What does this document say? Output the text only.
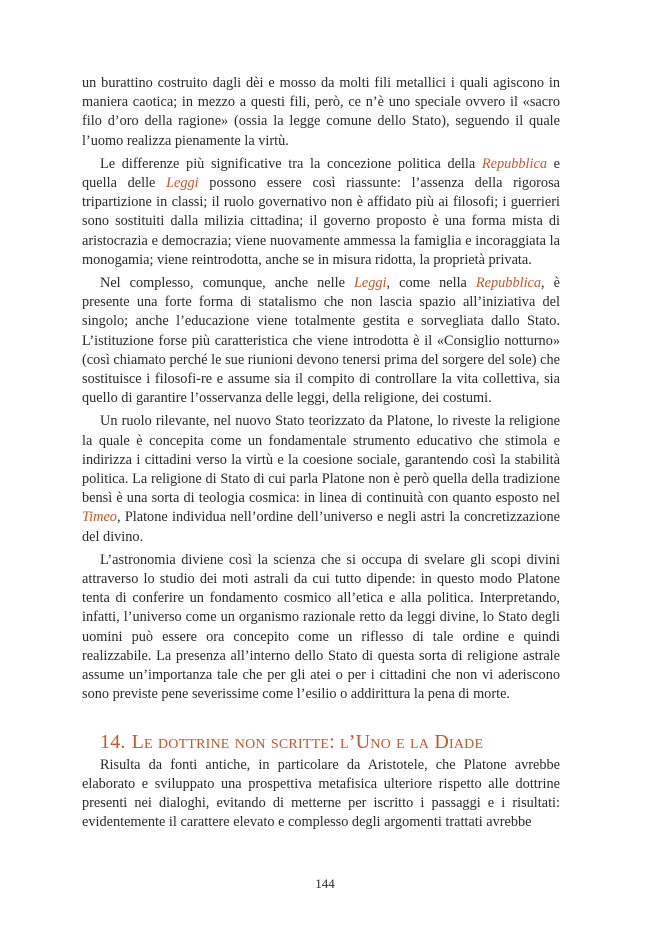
un burattino costruito dagli dèi e mosso da molti fili metallici i quali agiscono in maniera caotica; in mezzo a questi fili, però, ce n’è uno speciale ovvero il «sacro filo d’oro della ragione» (ossia la legge comune dello Stato), seguendo il quale l’uomo realizza pienamente la virtù.

Le differenze più significative tra la concezione politica della Repubblica e quella delle Leggi possono essere così riassunte: l’assenza della rigorosa tripartizione in classi; il ruolo governativo non è affidato più ai filosofi; i guerrieri sono sostituiti dalla milizia cittadina; il governo proposto è una forma mista di aristocrazia e democrazia; viene nuovamente ammessa la famiglia e incoraggiata la monogamia; viene reintrodotta, anche se in misura ridotta, la proprietà privata.

Nel complesso, comunque, anche nelle Leggi, come nella Repubblica, è presente una forte forma di statalismo che non lascia spazio all’iniziativa del singolo; anche l’educazione viene totalmente gestita e sorvegliata dallo Stato. L’istituzione forse più caratteristica che viene introdotta è il «Consiglio notturno» (così chiamato perché le sue riunioni devono tenersi prima del sorgere del sole) che sostituisce i filosofi-re e assume sia il compito di controllare la vita collettiva, sia quello di garantire l’osservanza delle leggi, della religione, dei costumi.

Un ruolo rilevante, nel nuovo Stato teorizzato da Platone, lo riveste la religione la quale è concepita come un fondamentale strumento educativo che stimola e indirizza i cittadini verso la virtù e la coesione sociale, garantendo così la stabilità politica. La religione di Stato di cui parla Platone non è però quella della tradizione bensì è una sorta di teologia cosmica: in linea di continuità con quanto esposto nel Timeo, Platone individua nell’ordine dell’universo e negli astri la concretizzazione del divino.

L’astronomia diviene così la scienza che si occupa di svelare gli scopi divini attraverso lo studio dei moti astrali da cui tutto dipende: in questo modo Platone tenta di conferire un fondamento cosmico all’etica e alla politica. Interpretando, infatti, l’universo come un organismo razionale retto da leggi divine, lo Stato degli uomini può essere ora concepito come un riflesso di tale ordine e quindi realizzabile. La presenza all’interno dello Stato di questa sorta di religione astrale assume un’importanza tale che per gli atei o per i cittadini che non vi aderiscono sono previste pene severissime come l’esilio o addirittura la pena di morte.

14. Le dottrine non scritte: l’Uno e la Diade

Risulta da fonti antiche, in particolare da Aristotele, che Platone avrebbe elaborato e sviluppato una prospettiva metafisica ulteriore rispetto alle dottrine presenti nei dialoghi, evitando di metterne per iscritto i passaggi e i risultati: evidentemente il carattere elevato e complesso degli argomenti trattati avrebbe

144
